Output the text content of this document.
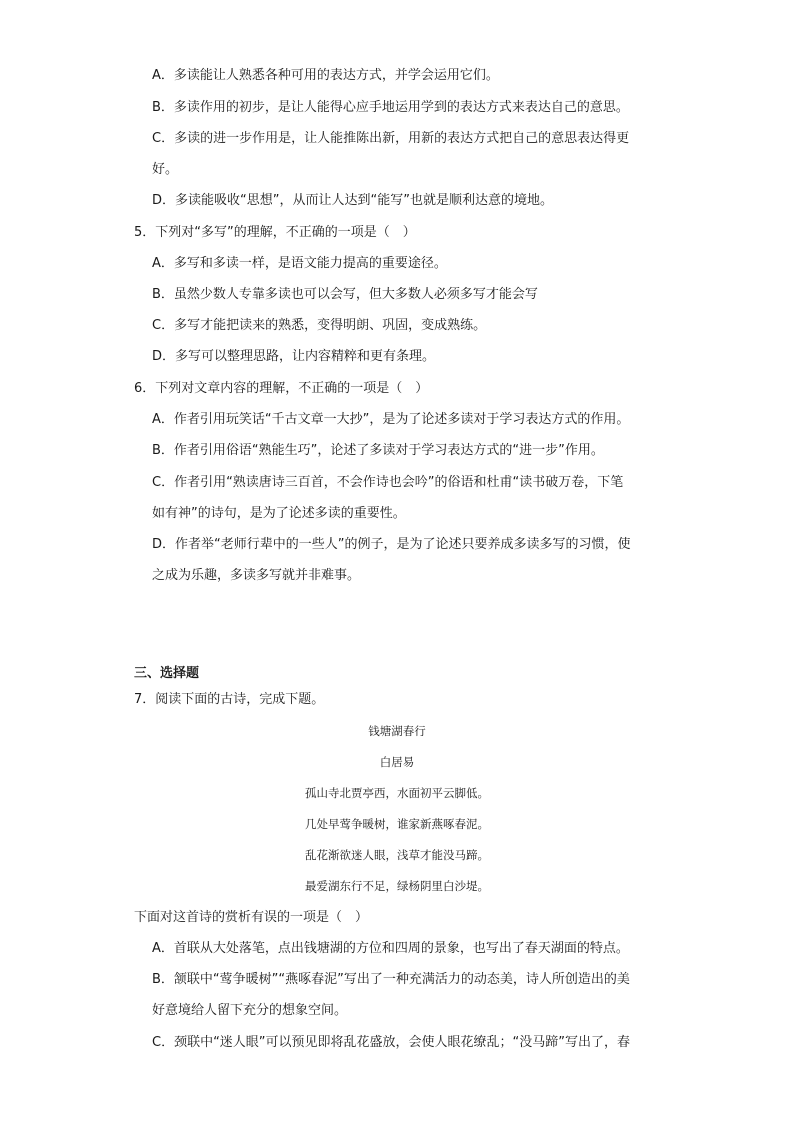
A．多读能让人熟悉各种可用的表达方式，并学会运用它们。
B．多读作用的初步，是让人能得心应手地运用学到的表达方式来表达自己的意思。
C．多读的进一步作用是，让人能推陈出新，用新的表达方式把自己的意思表达得更
好。
D．多读能吸收“思想”，从而让人达到“能写”也就是顺利达意的境地。
5．下列对“多写”的理解，不正确的一项是（　）
A．多写和多读一样，是语文能力提高的重要途径。
B．虽然少数人专靠多读也可以会写，但大多数人必须多写才能会写
C．多写才能把读来的熟悉，变得明朗、巩固，变成熟练。
D．多写可以整理思路，让内容精粹和更有条理。
6．下列对文章内容的理解，不正确的一项是（　）
A．作者引用玩笑话“千古文章一大抄”，是为了论述多读对于学习表达方式的作用。
B．作者引用俗语“熟能生巧”，论述了多读对于学习表达方式的“进一步”作用。
C．作者引用“熟读唐诗三百首，不会作诗也会吟”的俗语和杜甫“读书破万卷，下笔
如有神”的诗句，是为了论述多读的重要性。
D．作者举“老师行辈中的一些人”的例子，是为了论述只要养成多读多写的习惯，使
之成为乐趣，多读多写就并非难事。
三、选择题
7．阅读下面的古诗，完成下题。
钱塘湖春行
白居易
孤山寺北贾亭西，水面初平云脚低。
几处早莺争暖树，谁家新燕啄春泥。
乱花渐欲迷人眼，浅草才能没马蹄。
最爱湖东行不足，绿杨阴里白沙堤。
下面对这首诗的赏析有误的一项是（　）
A．首联从大处落笔，点出钱塘湖的方位和四周的景象，也写出了春天湖面的特点。
B．颔联中“莺争暖树”“燕啄春泥”写出了一种充满活力的动态美，诗人所创造出的美
好意境给人留下充分的想象空间。
C．颈联中“迷人眼”可以预见即将乱花盛放，会使人眼花缭乱；“没马蹄”写出了，春
